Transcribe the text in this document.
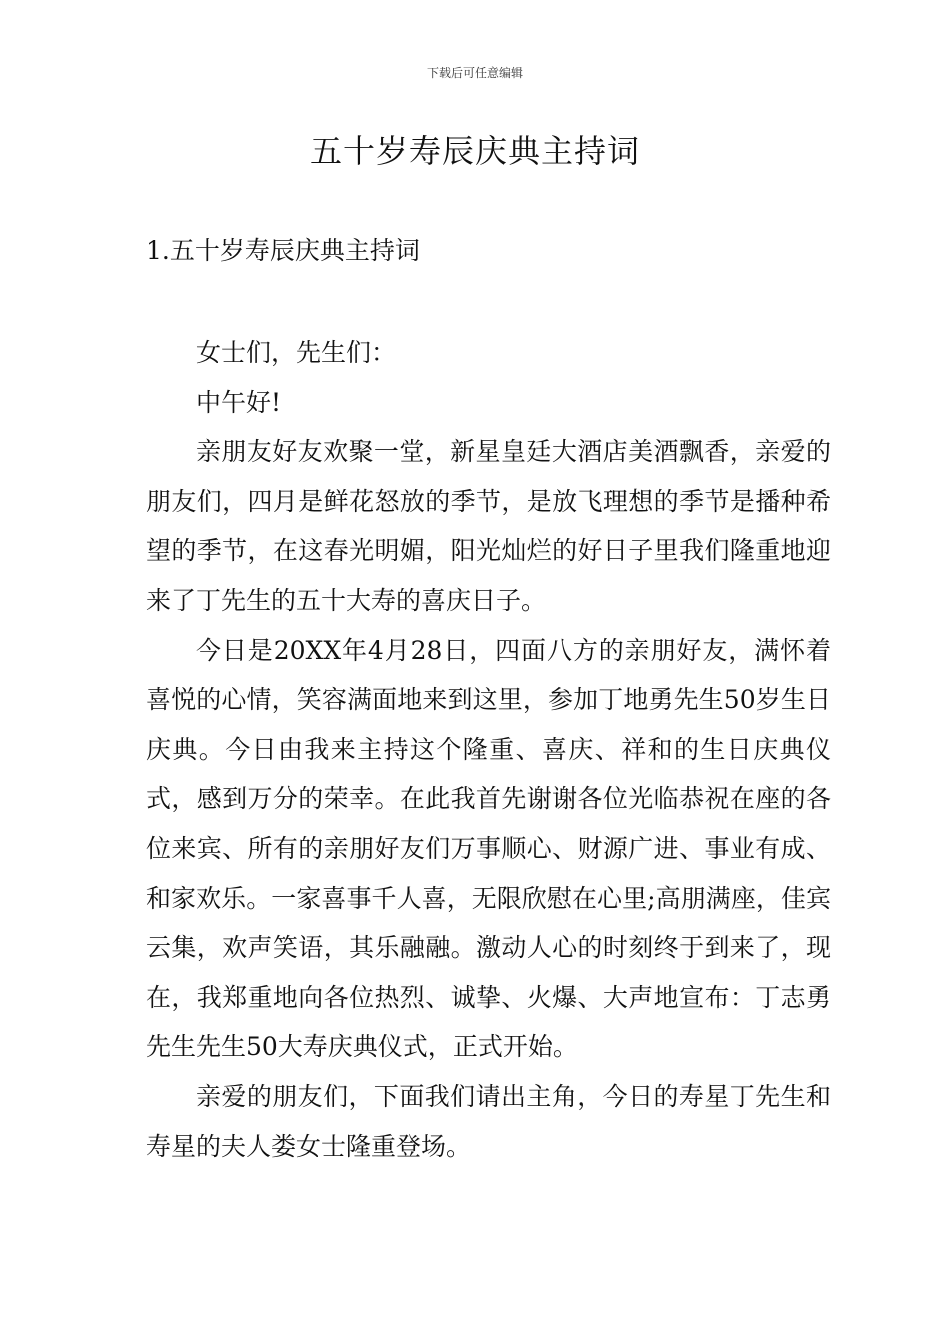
下载后可任意编辑
五十岁寿辰庆典主持词
1.五十岁寿辰庆典主持词

女士们，先生们：

中午好!

亲朋友好友欢聚一堂，新星皇廷大酒店美酒飘香，亲爱的朋友们，四月是鲜花怒放的季节，是放飞理想的季节是播种希望的季节，在这春光明媚，阳光灿烂的好日子里我们隆重地迎来了丁先生的五十大寿的喜庆日子。

今日是20XX年4月28日，四面八方的亲朋好友，满怀着喜悦的心情，笑容满面地来到这里，参加丁地勇先生50岁生日庆典。今日由我来主持这个隆重、喜庆、祥和的生日庆典仪式，感到万分的荣幸。在此我首先谢谢各位光临恭祝在座的各位来宾、所有的亲朋好友们万事顺心、财源广进、事业有成、和家欢乐。一家喜事千人喜，无限欣慰在心里;高朋满座，佳宾云集，欢声笑语，其乐融融。激动人心的时刻终于到来了，现在，我郑重地向各位热烈、诚挚、火爆、大声地宣布：丁志勇先生先生50大寿庆典仪式，正式开始。

亲爱的朋友们，下面我们请出主角，今日的寿星丁先生和寿星的夫人娄女士隆重登场。
